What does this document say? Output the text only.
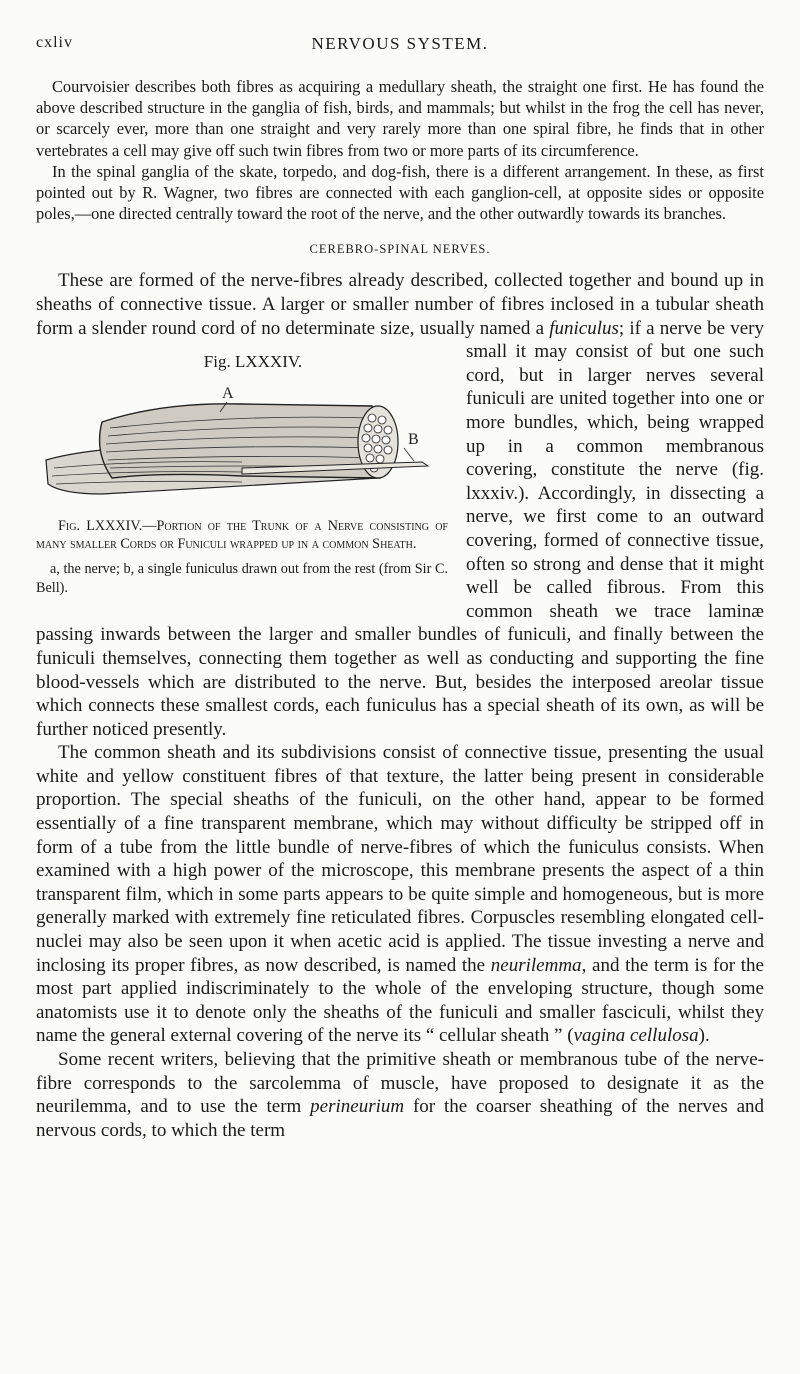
cxliv	NERVOUS SYSTEM.

Courvoisier describes both fibres as acquiring a medullary sheath, the straight one first. He has found the above described structure in the ganglia of fish, birds, and mammals; but whilst in the frog the cell has never, or scarcely ever, more than one straight and very rarely more than one spiral fibre, he finds that in other vertebrates a cell may give off such twin fibres from two or more parts of its circumference.

In the spinal ganglia of the skate, torpedo, and dog-fish, there is a different arrangement. In these, as first pointed out by R. Wagner, two fibres are connected with each ganglion-cell, at opposite sides or opposite poles,—one directed centrally toward the root of the nerve, and the other outwardly towards its branches.

CEREBRO-SPINAL NERVES.

These are formed of the nerve-fibres already described, collected together and bound up in sheaths of connective tissue. A larger or smaller number of fibres inclosed in a tubular sheath form a slender round cord of no determinate size, usually named a funiculus; if a nerve be very small it may
Fig. LXXXIV.
A
B
Fig. LXXXIV.—Portion of the Trunk of a Nerve consisting of many smaller Cords or Funiculi wrapped up in a common Sheath.
a, the nerve; b, a single funiculus drawn out from the rest (from Sir C. Bell).
consist of but one such cord, but in larger nerves several funiculi are united together into one or more bundles, which, being wrapped up in a common membranous covering, constitute the nerve (fig. lxxxiv.). Accordingly, in dissecting a nerve, we first come to an outward covering, formed of connective tissue, often so strong and dense that it might well be called fibrous. From this common sheath we trace laminæ passing inwards between the larger and smaller bundles of funiculi, and finally between the funiculi themselves, connecting them together as well as conducting and supporting the fine blood-vessels which are distributed to the nerve. But, besides the interposed areolar tissue which connects these smallest cords, each funiculus has a special sheath of its own, as will be further noticed presently.

The common sheath and its subdivisions consist of connective tissue, presenting the usual white and yellow constituent fibres of that texture, the latter being present in considerable proportion. The special sheaths of the funiculi, on the other hand, appear to be formed essentially of a fine transparent membrane, which may without difficulty be stripped off in form of a tube from the little bundle of nerve-fibres of which the funiculus consists. When examined with a high power of the microscope, this membrane presents the aspect of a thin transparent film, which in some parts appears to be quite simple and homogeneous, but is more generally marked with extremely fine reticulated fibres. Corpuscles resembling elongated cell-nuclei may also be seen upon it when acetic acid is applied. The tissue investing a nerve and inclosing its proper fibres, as now described, is named the neurilemma, and the term is for the most part applied indiscriminately to the whole of the enveloping structure, though some anatomists use it to denote only the sheaths of the funiculi and smaller fasciculi, whilst they name the general external covering of the nerve its “ cellular sheath ” (vagina cellulosa).

Some recent writers, believing that the primitive sheath or membranous tube of the nerve-fibre corresponds to the sarcolemma of muscle, have proposed to designate it as the neurilemma, and to use the term perineurium for the coarser sheathing of the nerves and nervous cords, to which the term
